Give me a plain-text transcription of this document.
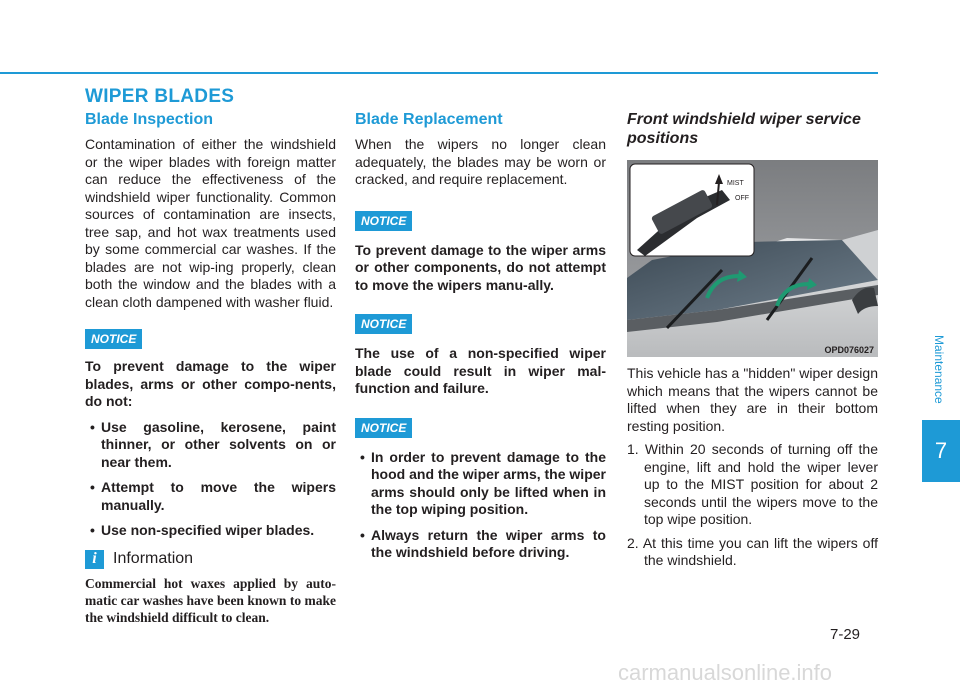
WIPER BLADES
Blade Inspection
Contamination of either the windshield or the wiper blades with foreign matter can reduce the effectiveness of the windshield wiper functionality. Common sources of contamination are insects, tree sap, and hot wax treatments used by some commercial car washes. If the blades are not wip-ing properly, clean both the window and the blades with a clean cloth dampened with washer fluid.
NOTICE
To prevent damage to the wiper blades, arms or other compo-nents, do not:
• Use gasoline, kerosene, paint thinner, or other solvents on or near them.
• Attempt to move the wipers manually.
• Use non-specified wiper blades.
i	Information
Commercial hot waxes applied by auto-matic car washes have been known to make the windshield difficult to clean.
Blade Replacement
When the wipers no longer clean adequately, the blades may be worn or cracked, and require replacement.
NOTICE
To prevent damage to the wiper arms or other components, do not attempt to move the wipers manu-ally.
NOTICE
The use of a non-specified wiper blade could result in wiper mal-function and failure.
NOTICE
• In order to prevent damage to the hood and the wiper arms, the wiper arms should only be lifted when in the top wiping position.
• Always return the wiper arms to the windshield before driving.
Front windshield wiper service positions
MIST
OFF
OPD076027
This vehicle has a "hidden" wiper design which means that the wipers cannot be lifted when they are in their bottom resting position.
1. Within 20 seconds of turning off the engine, lift and hold the wiper lever up to the MIST position for about 2 seconds until the wipers move to the top wipe position.
2. At this time you can lift the wipers off the windshield.
Maintenance
7
7-29
carmanualsonline.info
